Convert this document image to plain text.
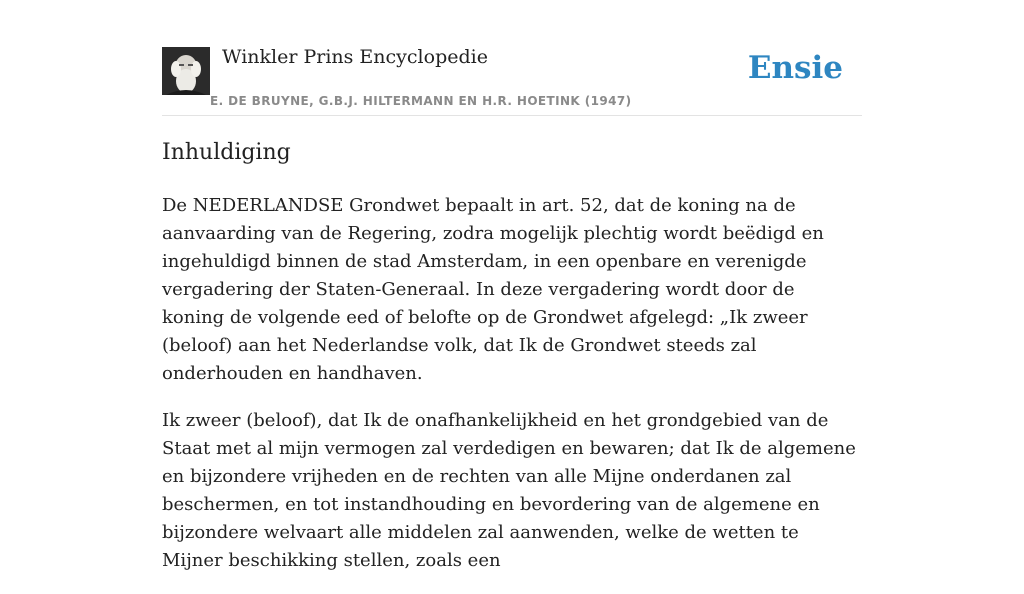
Winkler Prins Encyclopedie
E. DE BRUYNE, G.B.J. HILTERMANN EN H.R. HOETINK (1947)
Ensie
Inhuldiging

De NEDERLANDSE Grondwet bepaalt in art. 52, dat de koning na de aanvaarding van de Regering, zodra mogelijk plechtig wordt beëdigd en ingehuldigd binnen de stad Amsterdam, in een openbare en verenigde vergadering der Staten-Generaal. In deze vergadering wordt door de koning de volgende eed of belofte op de Grondwet afgelegd: „Ik zweer (beloof) aan het Nederlandse volk, dat Ik de Grondwet steeds zal onderhouden en handhaven.

Ik zweer (beloof), dat Ik de onafhankelijkheid en het grondgebied van de Staat met al mijn vermogen zal verdedigen en bewaren; dat Ik de algemene en bijzondere vrijheden en de rechten van alle Mijne onderdanen zal beschermen, en tot instandhouding en bevordering van de algemene en bijzondere welvaart alle middelen zal aanwenden, welke de wetten te Mijner beschikking stellen, zoals een
